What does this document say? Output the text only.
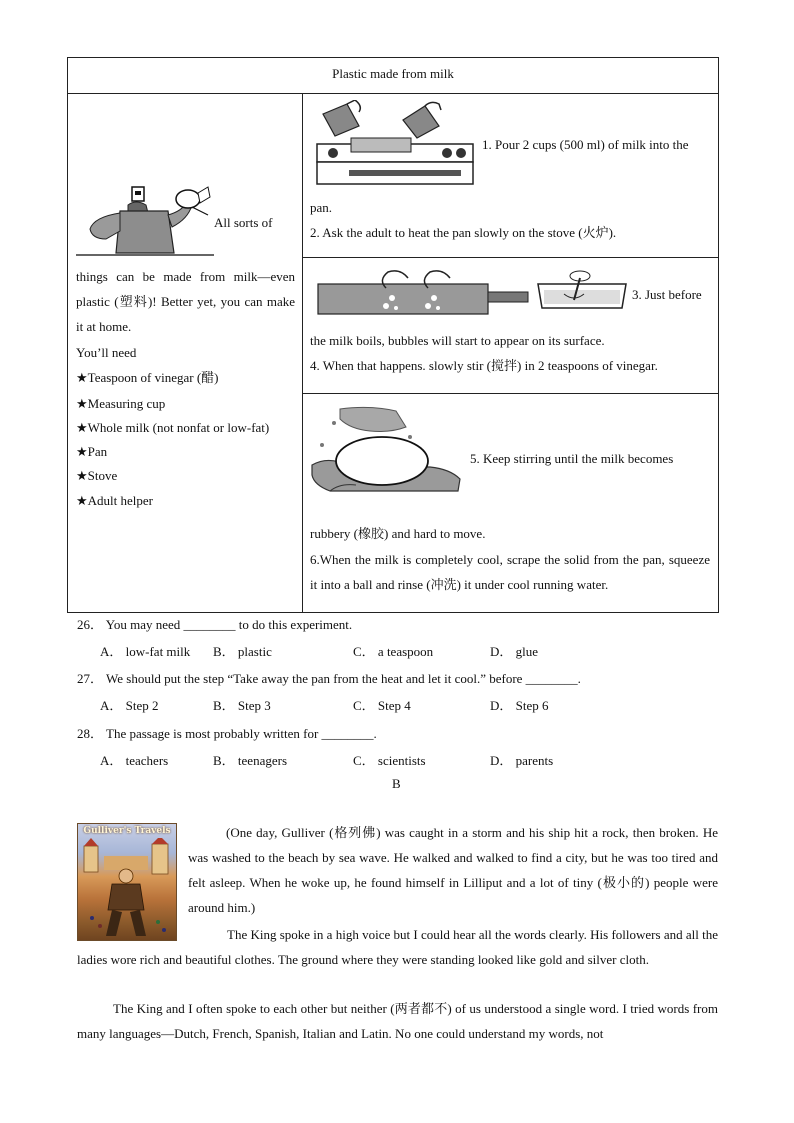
Plastic made from milk
All sorts of
things can be made from milk—even plastic (塑料)! Better yet, you can make it at home.
You’ll need
★Teaspoon of vinegar (醋)
★Measuring cup
★Whole milk (not nonfat or low-fat)
★Pan
★Stove
★Adult helper
1. Pour 2 cups (500 ml) of milk into the
pan.
2. Ask the adult to heat the pan slowly on the stove (火炉).
3. Just before
the milk boils, bubbles will start to appear on its surface.
4. When that happens. slowly stir (搅拌) in 2 teaspoons of vinegar.
5. Keep stirring until the milk becomes
rubbery (橡胶) and hard to move.
6.When the milk is completely cool, scrape the solid from the pan, squeeze it into a ball and rinse (冲洗) it under cool running water.
26． You may need ________ to do this experiment.
A． low-fat milk B． plastic	C． a teaspoon	D． glue
27． We should put the step “Take away the pan from the heat and let it cool.” before ________.
A． Step 2	B． Step 3	C． Step 4	D． Step 6
28． The passage is most probably written for ________.
A． teachers	B． teenagers	C． scientists	D． parents
B
Gulliver's Travels	(One day, Gulliver (格列佛) was caught in a storm and his ship hit a rock, then broken. He was washed to the beach by sea wave. He walked and walked to find a city, but he was too tired and felt asleep. When he woke up, he found himself in Lilliput and a lot of tiny (极小的) people were around him.)
The King spoke in a high voice but I could hear all the words clearly. His followers and all the ladies wore rich and beautiful clothes. The ground where they were standing looked like gold and silver cloth.
The King and I often spoke to each other but neither (两者都不) of us understood a single word. I tried words from many languages—Dutch, French, Spanish, Italian and Latin. No one could understand my words, not
